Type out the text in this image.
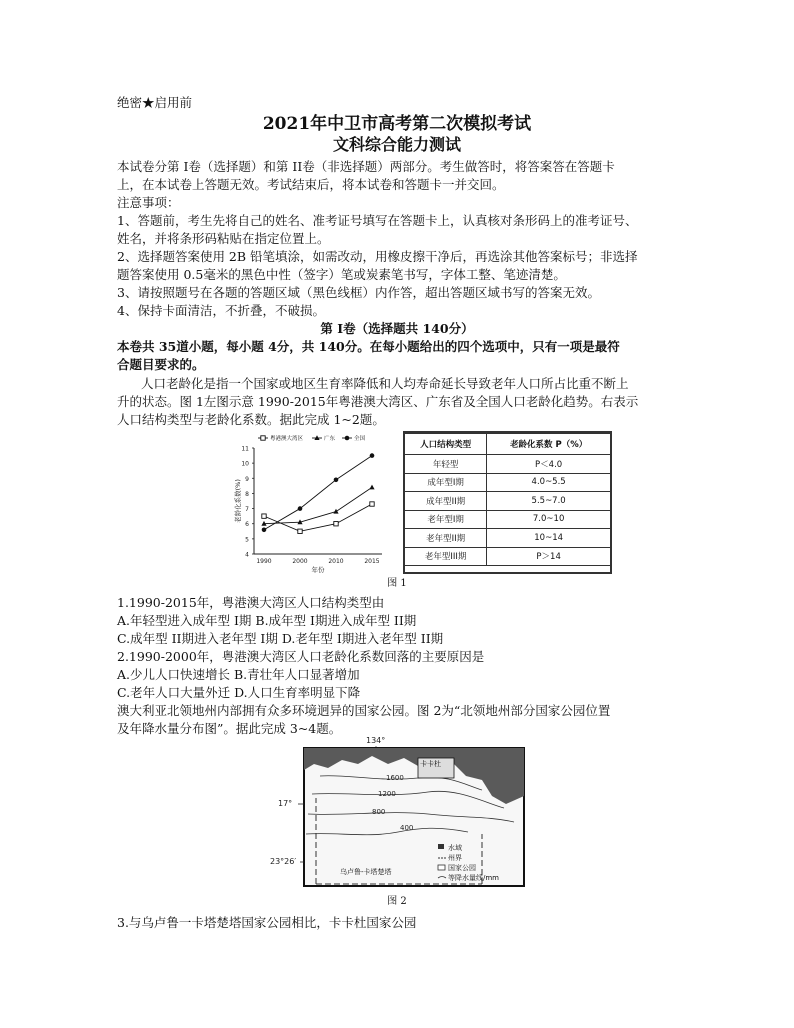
绝密★启用前
2021年中卫市高考第二次模拟考试
文科综合能力测试
本试卷分第 I卷（选择题）和第 II卷（非选择题）两部分。考生做答时，将答案答在答题卡
上，在本试卷上答题无效。考试结束后，将本试卷和答题卡一并交回。
注意事项：
1、答题前，考生先将自己的姓名、准考证号填写在答题卡上，认真核对条形码上的准考证号、
姓名，并将条形码粘贴在指定位置上。
2、选择题答案使用 2B 铅笔填涂，如需改动，用橡皮擦干净后，再选涂其他答案标号；非选择
题答案使用 0.5毫米的黑色中性（签字）笔或炭素笔书写，字体工整、笔迹清楚。
3、请按照题号在各题的答题区域（黑色线框）内作答，超出答题区域书写的答案无效。
4、保持卡面清洁，不折叠，不破损。
第 I卷（选择题共 140分）
本卷共 35道小题，每小题 4分，共 140分。在每小题给出的四个选项中，只有一项是最符
合题目要求的。
人口老龄化是指一个国家或地区生育率降低和人均寿命延长导致老年人口所占比重不断上
升的状态。图 1左图示意 1990-2015年粤港澳大湾区、广东省及全国人口老龄化趋势。右表示
人口结构类型与老龄化系数。据此完成 1~2题。
4
5
6
7
8
9
10
11
1990	2000	2010	2015
年份
老龄化系数(%)
粤港澳大湾区	广东	全国
人口结构类型	老龄化系数 P（%）
年轻型	P＜4.0
成年型I期	4.0~5.5
成年型II期	5.5~7.0
老年型I期	7.0~10
老年型II期	10~14
老年型III期	P＞14
图 1
1.1990-2015年，粤港澳大湾区人口结构类型由
A.年轻型进入成年型 I期 B.成年型 I期进入成年型 II期
C.成年型 II期进入老年型 I期 D.老年型 I期进入老年型 II期
2.1990-2000年，粤港澳大湾区人口老龄化系数回落的主要原因是
A.少儿人口快速增长 B.青壮年人口显著增加
C.老年人口大量外迁 D.人口生育率明显下降
澳大利亚北领地州内部拥有众多环境迥异的国家公园。图 2为“北领地州部分国家公园位置
及年降水量分布图”。据此完成 3~4题。
134°
1600
1200
800
400
卡卡杜
乌卢鲁-卡塔楚塔
17°
23°26′
水域
州界
国家公园
等降水量线/mm
图 2
3.与乌卢鲁一卡塔楚塔国家公园相比，卡卡杜国家公园
